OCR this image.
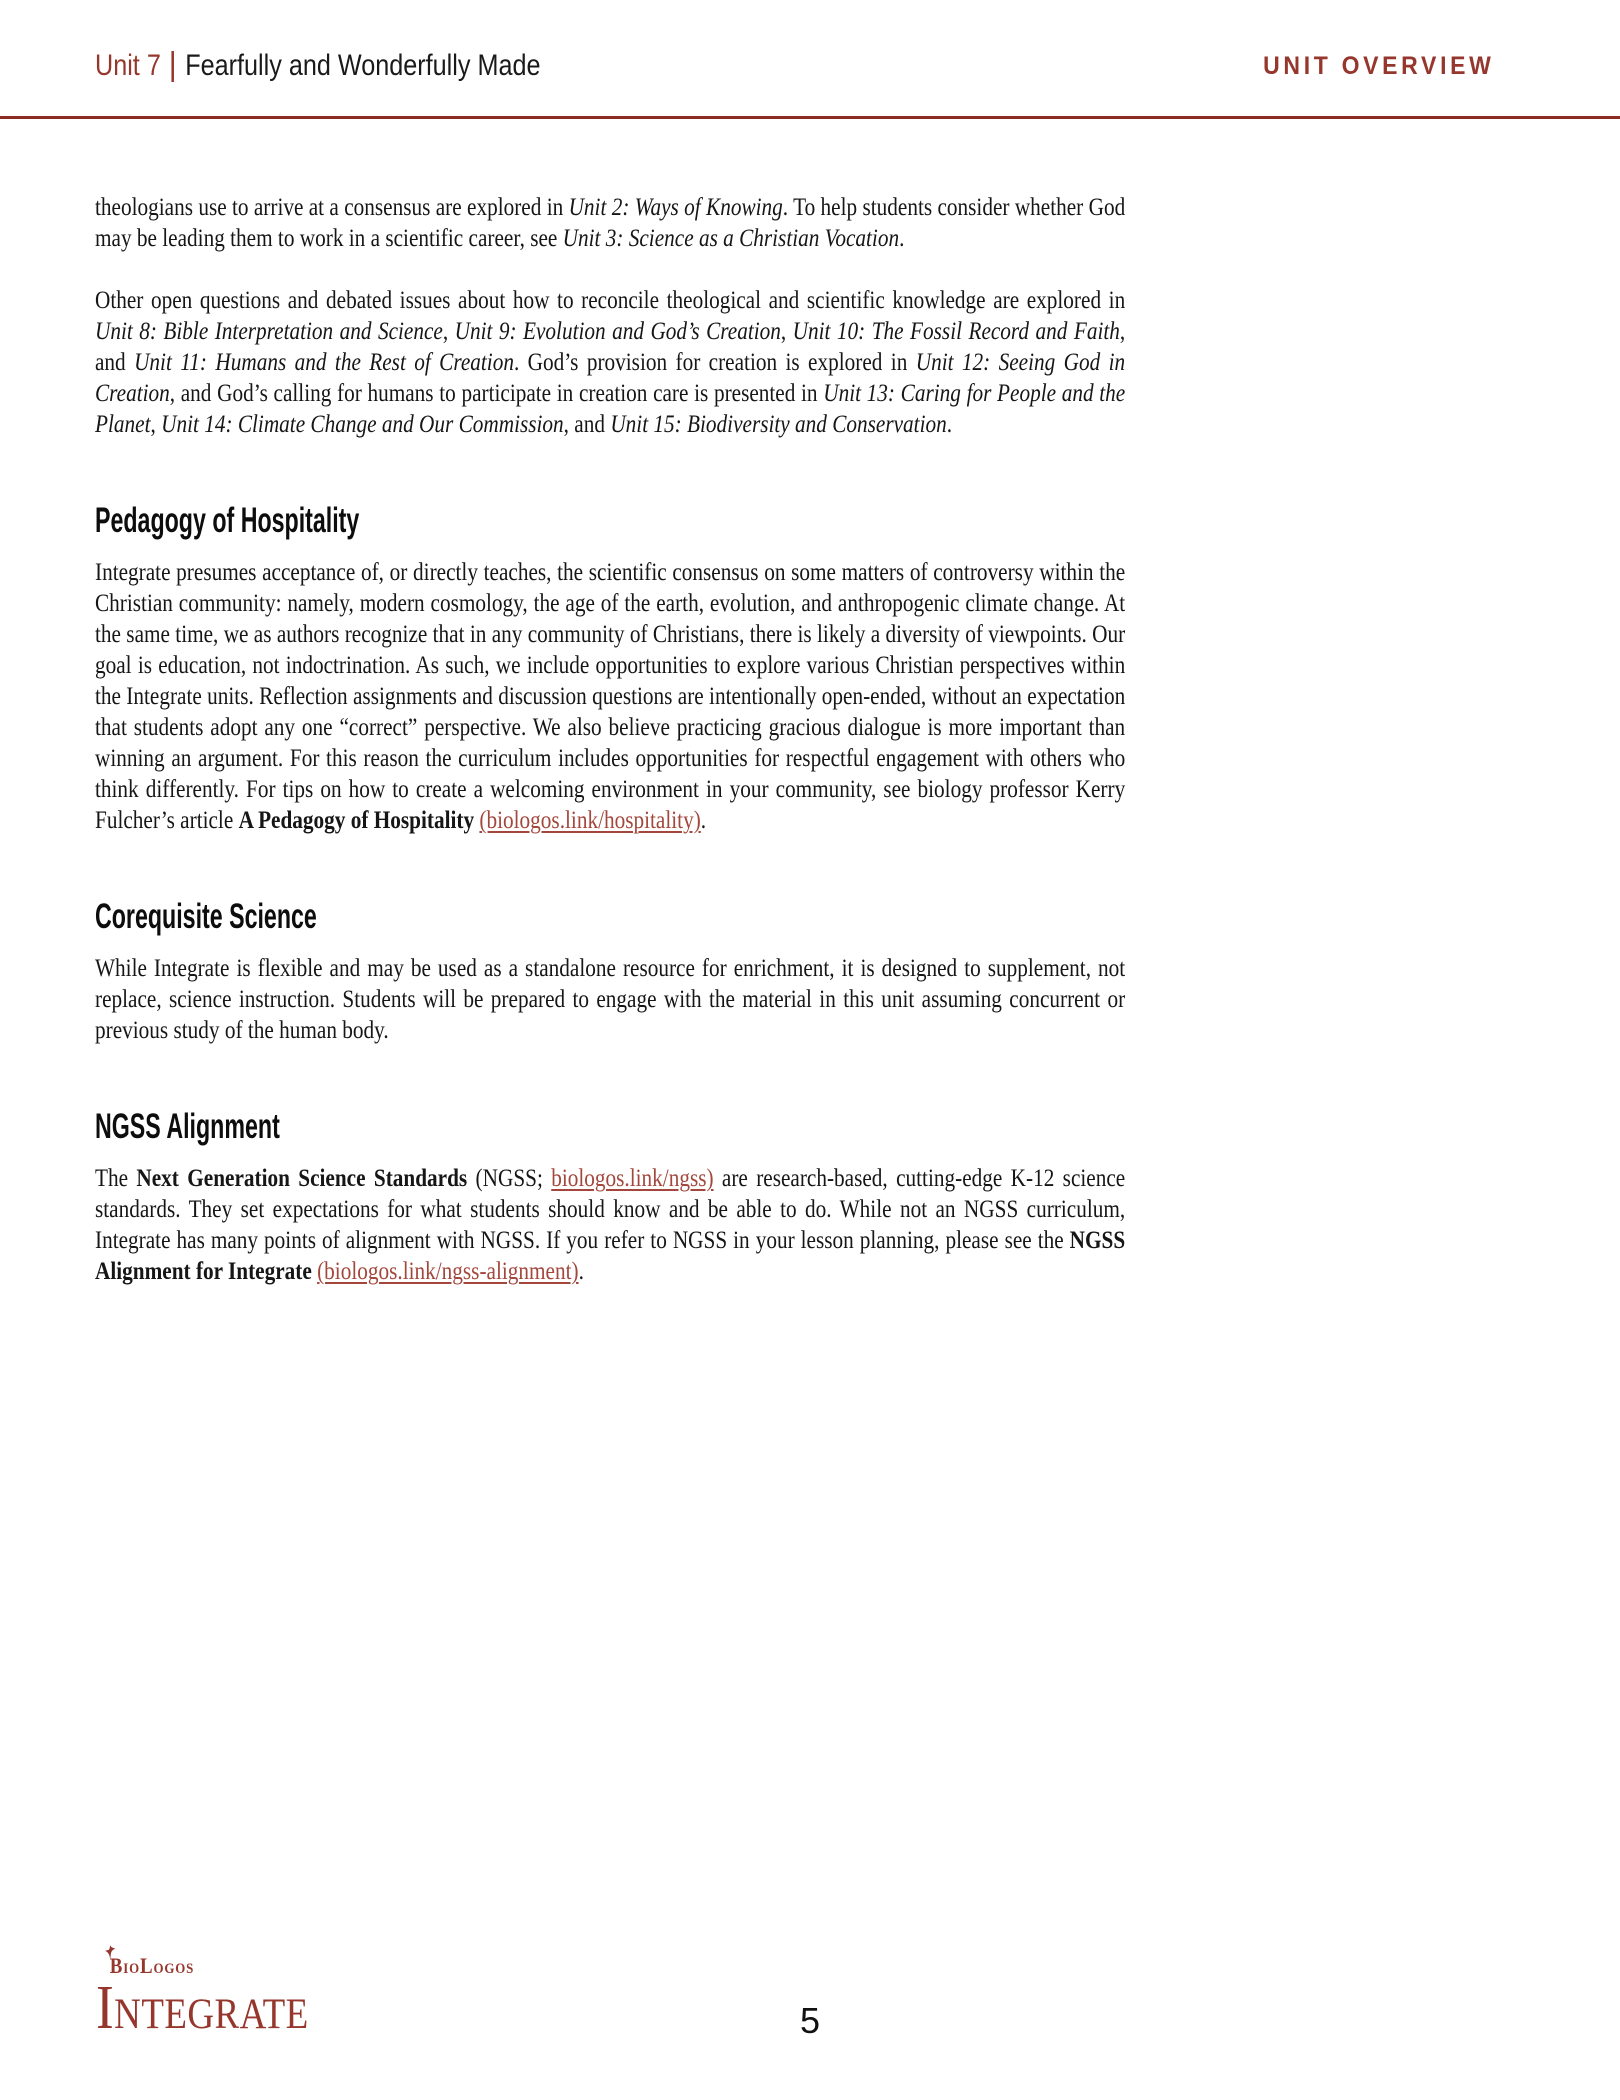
Unit 7 Fearfully and Wonderfully Made	UNIT OVERVIEW

theologians use to arrive at a consensus are explored in Unit 2: Ways of Knowing. To help students consider whether God may be leading them to work in a scientific career, see Unit 3: Science as a Christian Vocation.

Other open questions and debated issues about how to reconcile theological and scientific knowledge are explored in Unit 8: Bible Interpretation and Science, Unit 9: Evolution and God’s Creation, Unit 10: The Fossil Record and Faith, and Unit 11: Humans and the Rest of Creation. God’s provision for creation is explored in Unit 12: Seeing God in Creation, and God’s calling for humans to participate in creation care is presented in Unit 13: Caring for People and the Planet, Unit 14: Climate Change and Our Commission, and Unit 15: Biodiversity and Conservation.

Pedagogy of Hospitality

Integrate presumes acceptance of, or directly teaches, the scientific consensus on some matters of controversy within the Christian community: namely, modern cosmology, the age of the earth, evolution, and anthropogenic climate change. At the same time, we as authors recognize that in any community of Christians, there is likely a diversity of viewpoints. Our goal is education, not indoctrination. As such, we include opportunities to explore various Christian perspectives within the Integrate units. Reflection assignments and discussion questions are intentionally open-ended, without an expectation that students adopt any one “correct” perspective. We also believe practicing gracious dialogue is more important than winning an argument. For this reason the curriculum includes opportunities for respectful engagement with others who think differently. For tips on how to create a welcoming environment in your community, see biology professor Kerry Fulcher’s article A Pedagogy of Hospitality (biologos.link/hospitality).

Corequisite Science

While Integrate is flexible and may be used as a standalone resource for enrichment, it is designed to supplement, not replace, science instruction. Students will be prepared to engage with the material in this unit assuming concurrent or previous study of the human body.

NGSS Alignment

The Next Generation Science Standards (NGSS; biologos.link/ngss) are research-based, cutting-edge K-12 science standards. They set expectations for what students should know and be able to do. While not an NGSS curriculum, Integrate has many points of alignment with NGSS. If you refer to NGSS in your lesson planning, please see the NGSS Alignment for Integrate (biologos.link/ngss-alignment).

BioLogos
Integrate	5
